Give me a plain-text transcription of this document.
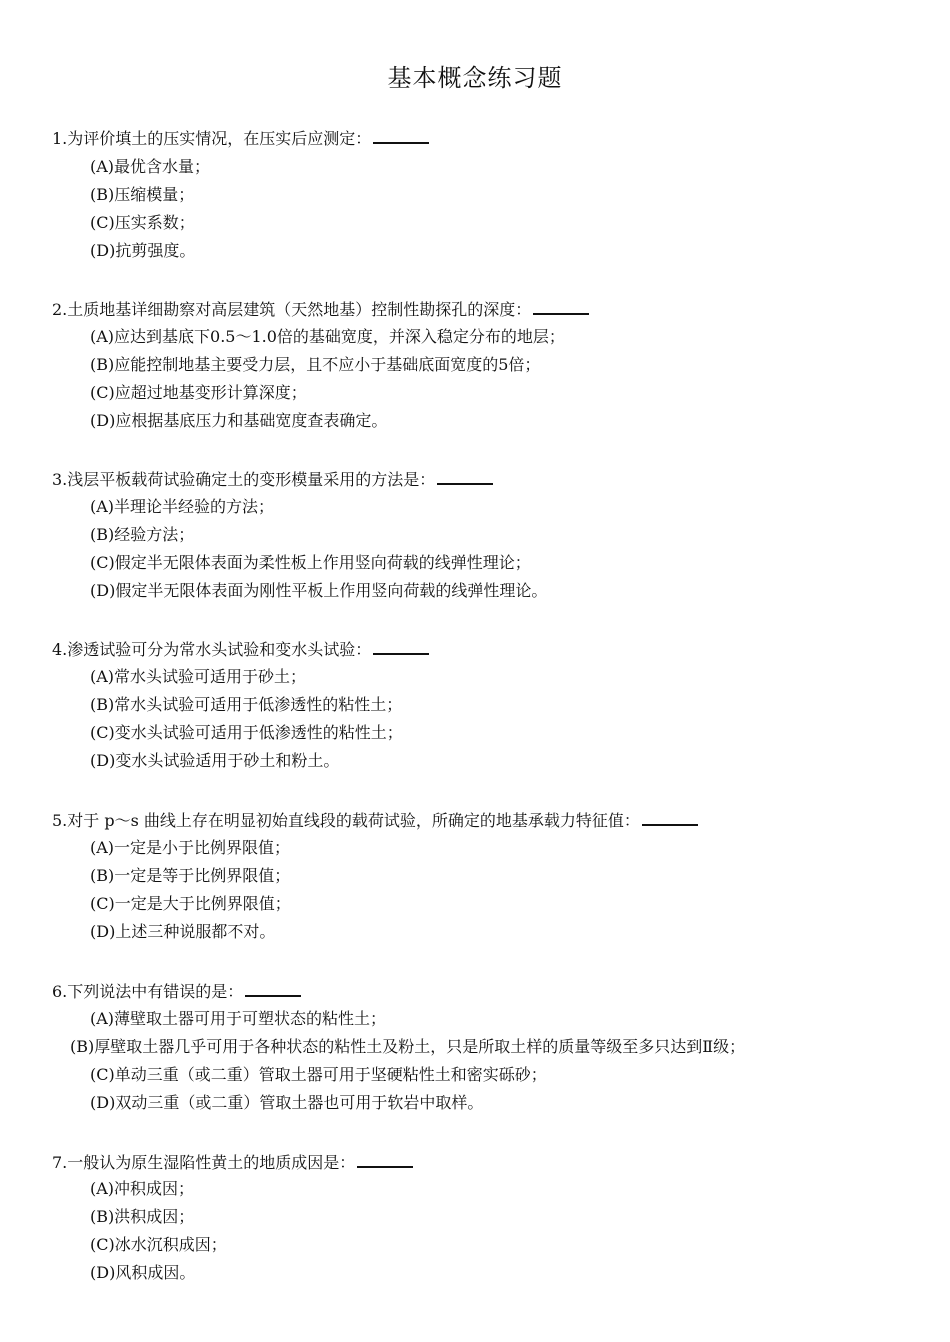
基本概念练习题
1.为评价填土的压实情况，在压实后应测定：
(A)最优含水量；
(B)压缩模量；
(C)压实系数；
(D)抗剪强度。
2.土质地基详细勘察对高层建筑（天然地基）控制性勘探孔的深度：
(A)应达到基底下0.5～1.0倍的基础宽度，并深入稳定分布的地层；
(B)应能控制地基主要受力层，且不应小于基础底面宽度的5倍；
(C)应超过地基变形计算深度；
(D)应根据基底压力和基础宽度查表确定。
3.浅层平板载荷试验确定土的变形模量采用的方法是：
(A)半理论半经验的方法；
(B)经验方法；
(C)假定半无限体表面为柔性板上作用竖向荷载的线弹性理论；
(D)假定半无限体表面为刚性平板上作用竖向荷载的线弹性理论。
4.渗透试验可分为常水头试验和变水头试验：
(A)常水头试验可适用于砂土；
(B)常水头试验可适用于低渗透性的粘性土；
(C)变水头试验可适用于低渗透性的粘性土；
(D)变水头试验适用于砂土和粉土。
5.对于 p～s 曲线上存在明显初始直线段的载荷试验，所确定的地基承载力特征值：
(A)一定是小于比例界限值；
(B)一定是等于比例界限值；
(C)一定是大于比例界限值；
(D)上述三种说服都不对。
6.下列说法中有错误的是：
(A)薄壁取土器可用于可塑状态的粘性土；
(B)厚壁取土器几乎可用于各种状态的粘性土及粉土，只是所取土样的质量等级至多只达到Ⅱ级；
(C)单动三重（或二重）管取土器可用于坚硬粘性土和密实砾砂；
(D)双动三重（或二重）管取土器也可用于软岩中取样。
7.一般认为原生湿陷性黄土的地质成因是：
(A)冲积成因；
(B)洪积成因；
(C)冰水沉积成因；
(D)风积成因。
